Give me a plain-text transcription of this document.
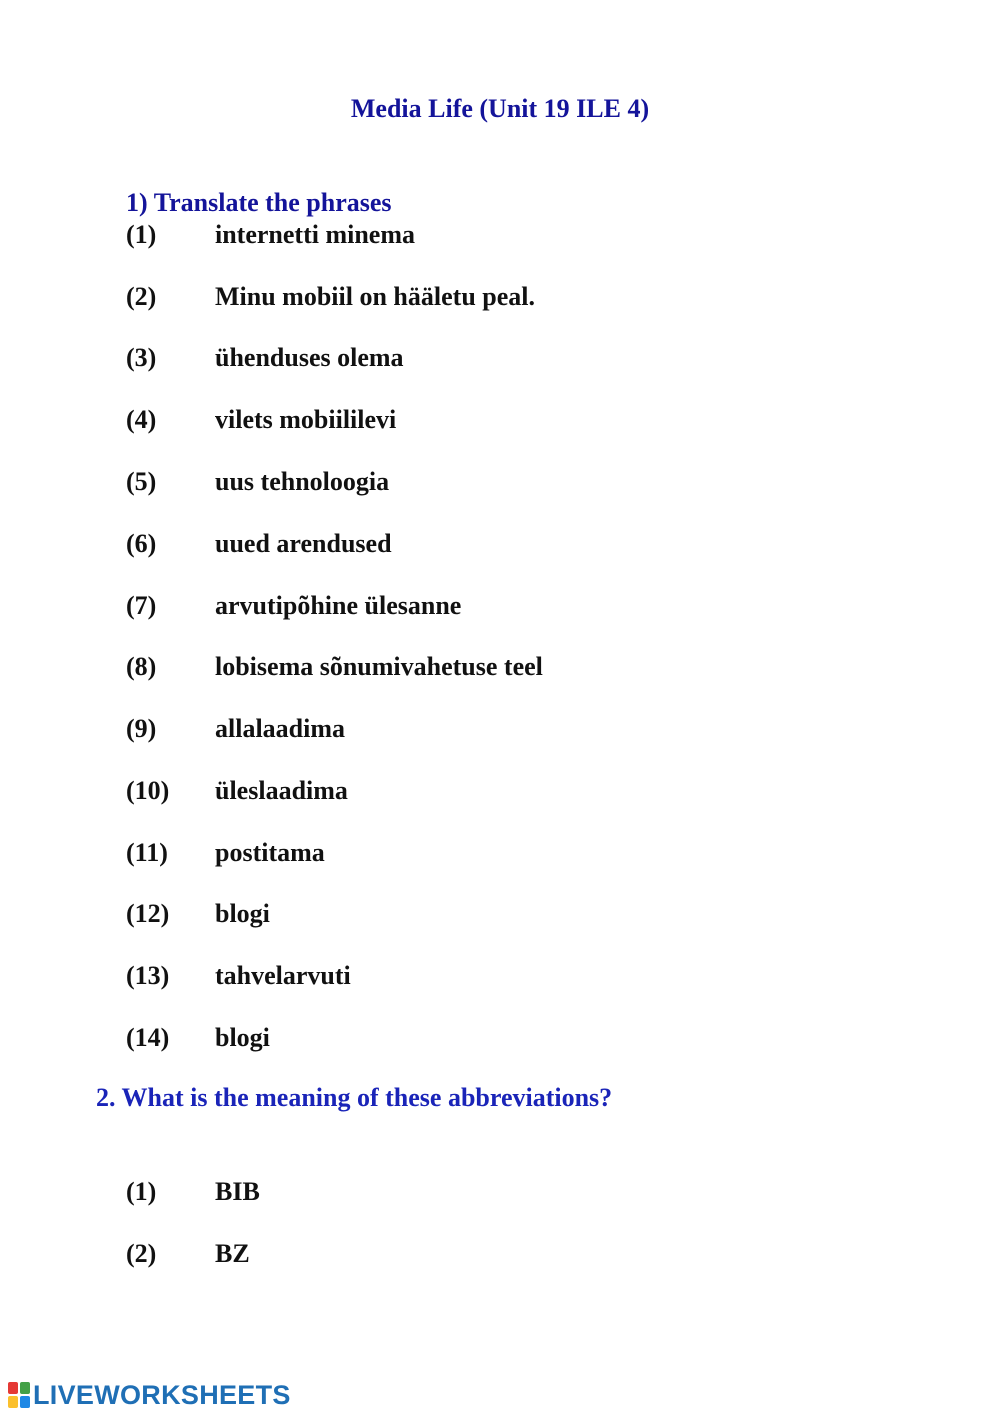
Media Life (Unit 19 ILE 4)
1) Translate the phrases
(1) internetti minema
(2) Minu mobiil on hääletu peal.
(3) ühenduses olema
(4) vilets mobiililevi
(5) uus tehnoloogia
(6) uued arendused
(7) arvutipõhine ülesanne
(8) lobisema sõnumivahetuse teel
(9) allalaadima
(10) üleslaadima
(11) postitama
(12) blogi
(13) tahvelarvuti
(14) blogi
2. What is the meaning of these abbreviations?
(1) BIB
(2) BZ
LIVEWORKSHEETS
